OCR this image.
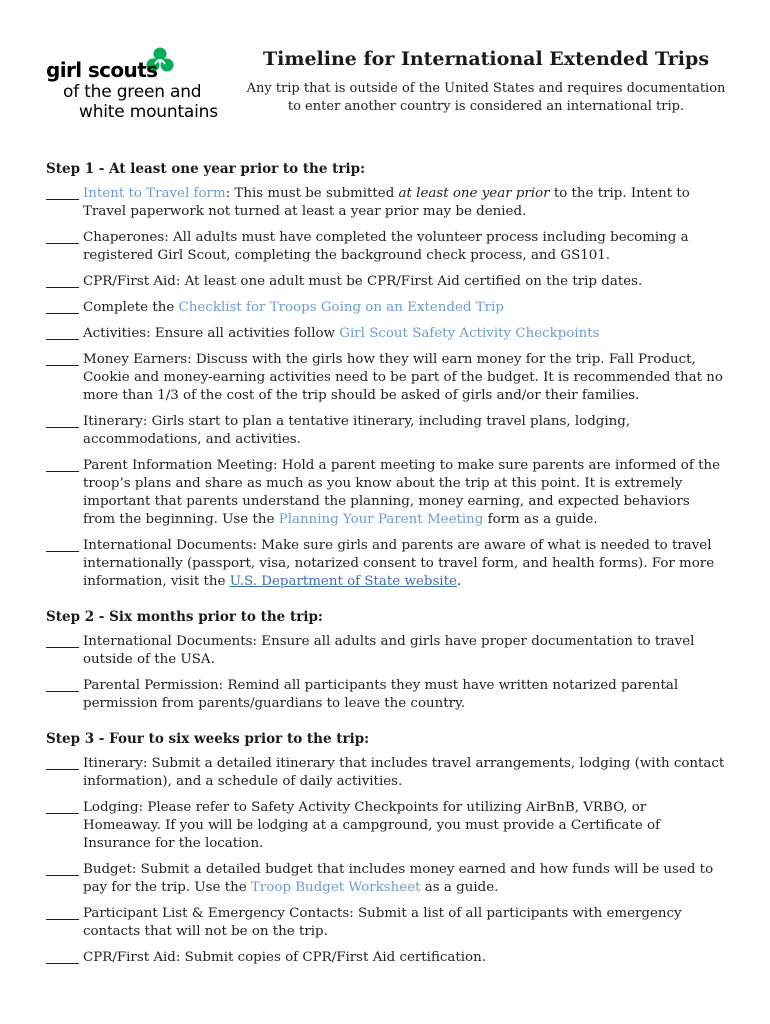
girl scouts
of the green and
white mountains
Timeline for International Extended Trips

Any trip that is outside of the United States and requires documentation to enter another country is considered an international trip.

Step 1 - At least one year prior to the trip:
Intent to Travel form: This must be submitted at least one year prior to the trip. Intent to Travel paperwork not turned at least a year prior may be denied.
Chaperones: All adults must have completed the volunteer process including becoming a registered Girl Scout, completing the background check process, and GS101.
CPR/First Aid: At least one adult must be CPR/First Aid certified on the trip dates.
Complete the Checklist for Troops Going on an Extended Trip
Activities: Ensure all activities follow Girl Scout Safety Activity Checkpoints
Money Earners: Discuss with the girls how they will earn money for the trip. Fall Product, Cookie and money-earning activities need to be part of the budget. It is recommended that no more than 1/3 of the cost of the trip should be asked of girls and/or their families.
Itinerary: Girls start to plan a tentative itinerary, including travel plans, lodging, accommodations, and activities.
Parent Information Meeting: Hold a parent meeting to make sure parents are informed of the troop’s plans and share as much as you know about the trip at this point. It is extremely important that parents understand the planning, money earning, and expected behaviors from the beginning. Use the Planning Your Parent Meeting form as a guide.
International Documents: Make sure girls and parents are aware of what is needed to travel internationally (passport, visa, notarized consent to travel form, and health forms). For more information, visit the U.S. Department of State website.
Step 2 - Six months prior to the trip:
International Documents: Ensure all adults and girls have proper documentation to travel outside of the USA.
Parental Permission: Remind all participants they must have written notarized parental permission from parents/guardians to leave the country.
Step 3 - Four to six weeks prior to the trip:
Itinerary: Submit a detailed itinerary that includes travel arrangements, lodging (with contact information), and a schedule of daily activities.
Lodging: Please refer to Safety Activity Checkpoints for utilizing AirBnB, VRBO, or Homeaway. If you will be lodging at a campground, you must provide a Certificate of Insurance for the location.
Budget: Submit a detailed budget that includes money earned and how funds will be used to pay for the trip. Use the Troop Budget Worksheet as a guide.
Participant List & Emergency Contacts: Submit a list of all participants with emergency contacts that will not be on the trip.
CPR/First Aid: Submit copies of CPR/First Aid certification.
